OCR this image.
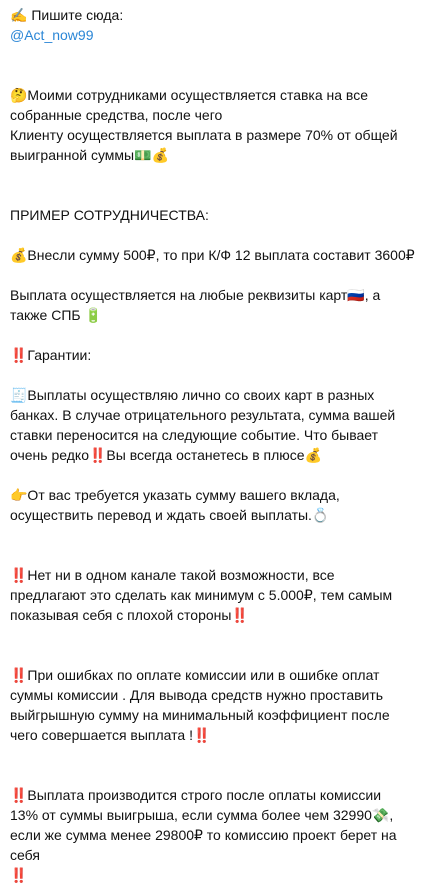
✍️ Пишите сюда:
@Act_now99
🤔Моими сотрудниками осуществляется ставка на все
собранные средства, после чего
Клиенту осуществляется выплата в размере 70% от общей
выигранной суммы💵💰
ПРИМЕР СОТРУДНИЧЕСТВА:
💰Внесли сумму 500₽, то при К/Ф 12 выплата составит 3600₽
Выплата осуществляется на любые реквизиты карт🇷🇺, а
также СПБ 🔋
‼️Гарантии:
🧾Выплаты осуществляю лично со своих карт в разных
банках. В случае отрицательного результата, сумма вашей
ставки переносится на следующие событие. Что бывает
очень редко‼️Вы всегда останетесь в плюсе💰
👉От вас требуется указать сумму вашего вклада,
осуществить перевод и ждать своей выплаты.💍
‼️Нет ни в одном канале такой возможности, все
предлагают это сделать как минимум с 5.000₽, тем самым
показывая себя с плохой стороны‼️
‼️При ошибках по оплате комиссии или в ошибке оплат
суммы комиссии . Для вывода средств нужно проставить
выйгрышную сумму на минимальный коэффициент после
чего совершается выплата !‼️
‼️Выплата производится строго после оплаты комиссии
13% от суммы выигрыша, если сумма более чем 32990💸,
если же сумма менее 29800₽ то комиссию проект берет на себя
‼️
